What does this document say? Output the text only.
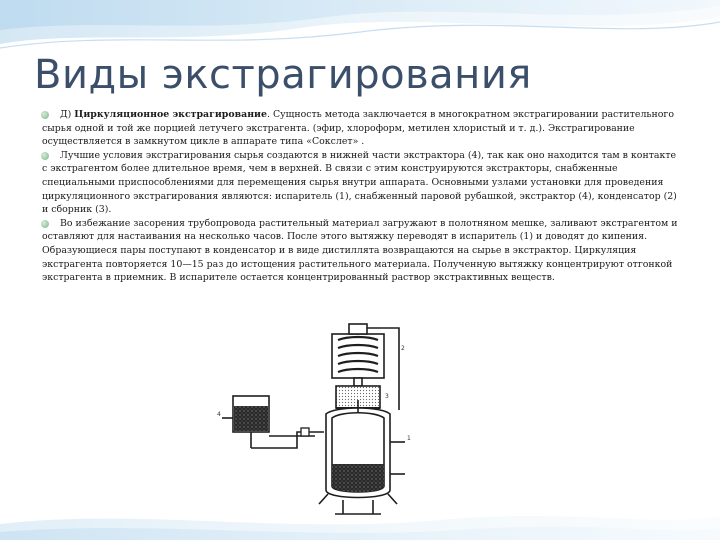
Виды экстрагирования

Д) Циркуляционное экстрагирование. Сущность метода заключается в многократном экстрагировании растительного сырья одной и той же порцией летучего экстрагента. (эфир, хлороформ, метилен хлористый и т. д.). Экстрагирование осуществляется в замкнутом цикле в аппарате типа «Сокслет» .

Лучшие условия экстрагирования сырья создаются в нижней части экстрактора (4), так как оно находится там в контакте с экстрагентом более длительное время, чем в верхней. В связи с этим конструируются экстракторы, снабженные специальными приспособлениями для перемещения сырья внутри аппарата. Основными узлами установки для проведения циркуляционного экстрагирования являются: испаритель (1), снабженный паровой рубашкой, экстрактор (4), конденсатор (2) и сборник (3).

Во избежание засорения трубопровода растительный материал загружают в полотняном мешке, заливают экстрагентом и оставляют для настаивания на несколько часов. После этого вытяжку переводят в испаритель (1) и доводят до кипения. Образующиеся пары поступают в конденсатор и в виде дистиллята возвращаются на сырье в экстрактор. Циркуляция экстрагента повторяется 10—15 раз до истощения растительного материала. Полученную вытяжку концентрируют отгонкой экстрагента в приемник. В испарителе остается концентрированный раствор экстрактивных веществ.

2
4
1
3
